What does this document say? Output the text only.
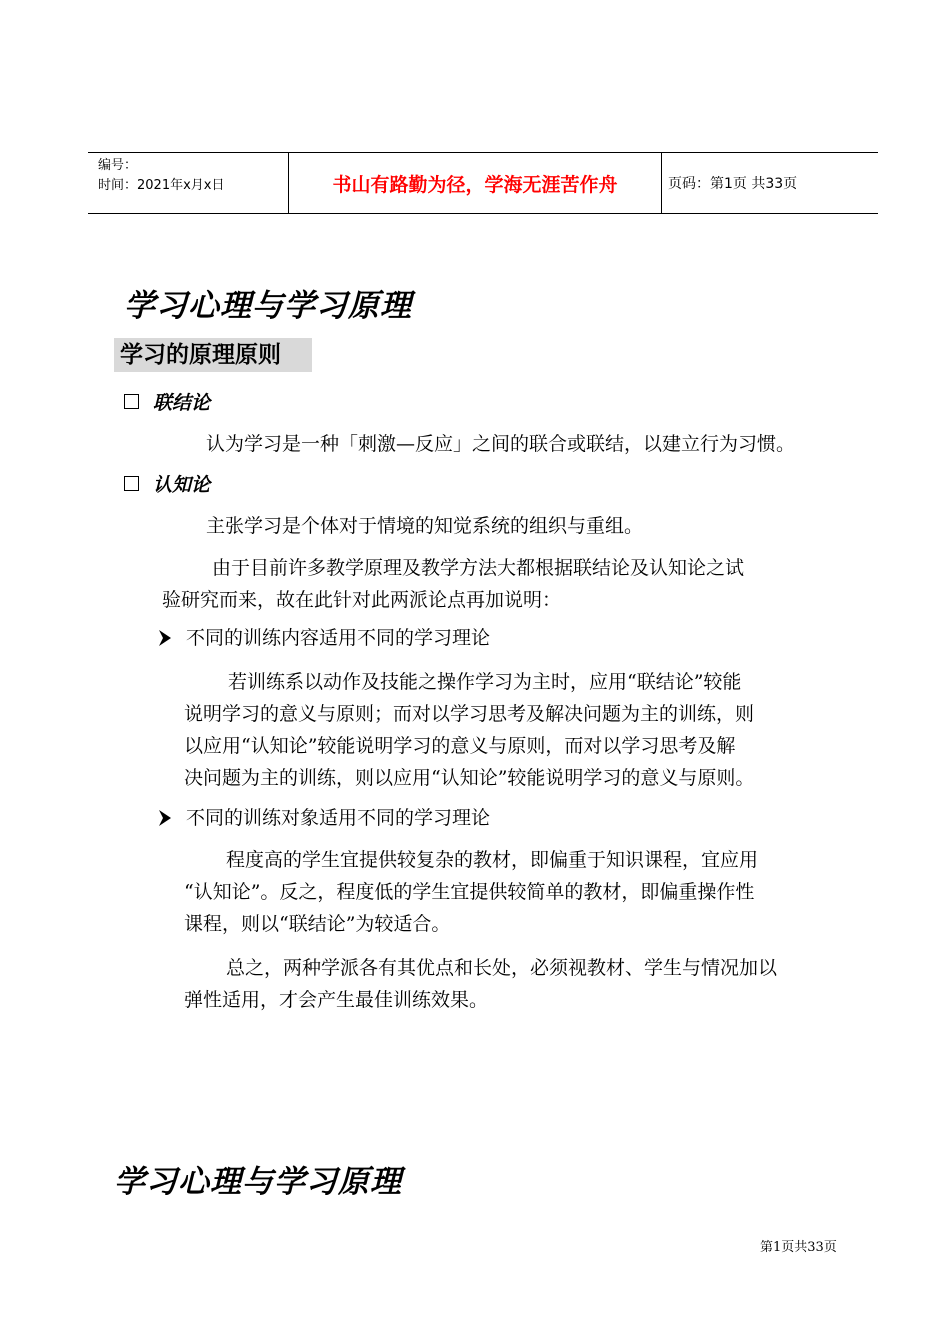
编号：
时间：2021年x月x日	书山有路勤为径，学海无涯苦作舟	页码：第1页 共33页
学习心理与学习原理
学习的原理原则
联结论
认为学习是一种「刺激—反应」之间的联合或联结，以建立行为习惯。
认知论
主张学习是个体对于情境的知觉系统的组织与重组。
由于目前许多教学原理及教学方法大都根据联结论及认知论之试
验研究而来，故在此针对此两派论点再加说明：
不同的训练内容适用不同的学习理论
若训练系以动作及技能之操作学习为主时，应用“联结论”较能
说明学习的意义与原则；而对以学习思考及解决问题为主的训练，则
以应用“认知论”较能说明学习的意义与原则，而对以学习思考及解
决问题为主的训练，则以应用“认知论”较能说明学习的意义与原则。
不同的训练对象适用不同的学习理论
程度高的学生宜提供较复杂的教材，即偏重于知识课程，宜应用
“认知论”。反之，程度低的学生宜提供较简单的教材，即偏重操作性
课程，则以“联结论”为较适合。
总之，两种学派各有其优点和长处，必须视教材、学生与情况加以
弹性适用，才会产生最佳训练效果。
学习心理与学习原理
第1页共33页
